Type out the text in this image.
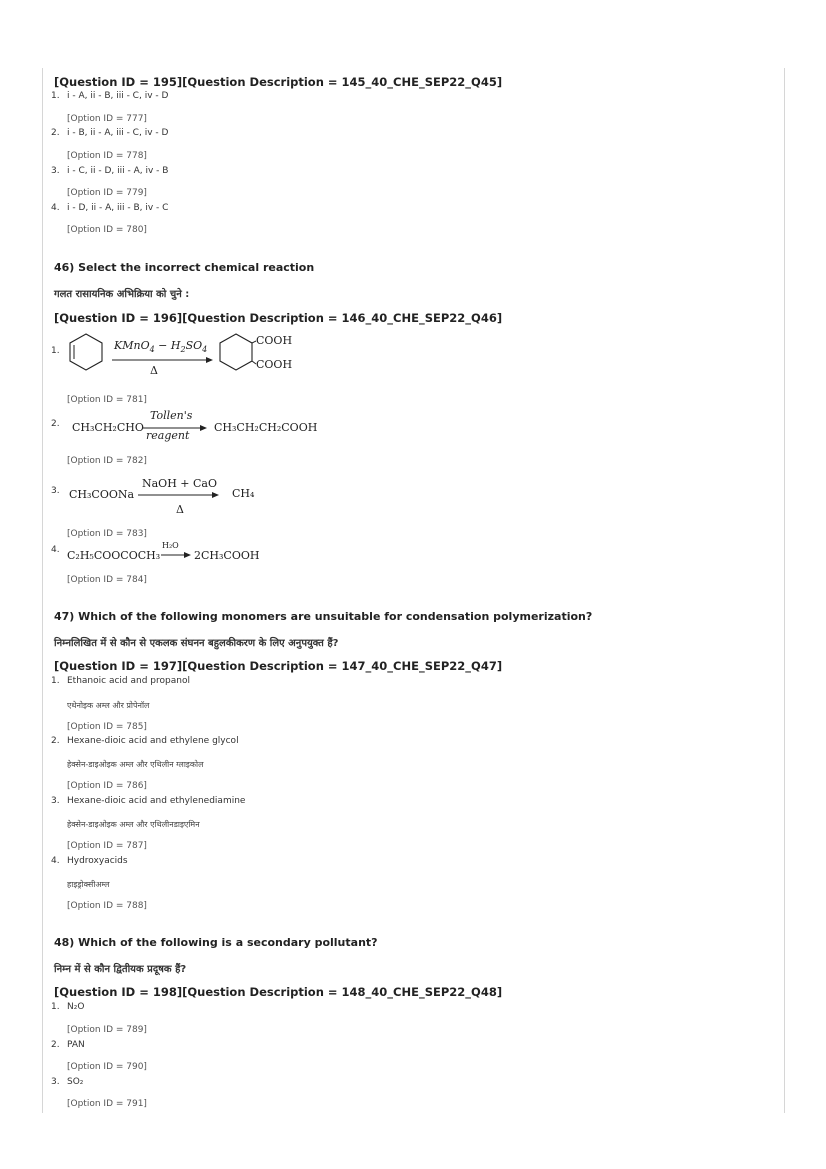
[Question ID = 195][Question Description = 145_40_CHE_SEP22_Q45]
1. i - A, ii - B, iii - C, iv - D
[Option ID = 777]
2. i - B, ii - A, iii - C, iv - D
[Option ID = 778]
3. i - C, ii - D, iii - A, iv - B
[Option ID = 779]
4. i - D, ii - A, iii - B, iv - C
[Option ID = 780]
46) Select the incorrect chemical reaction
गलत रासायनिक अभिक्रिया को चुने :
[Question ID = 196][Question Description = 146_40_CHE_SEP22_Q46]
1.	KMnO$_4$ − $H_2SO_4$
Δ
COOH
COOH
[Option ID = 781]
2. CH₃CH₂CHO
Tollen's
reagent
CH₃CH₂CH₂COOH
[Option ID = 782]
3. CH₃COONa
NaOH + CaO
Δ
CH₄
[Option ID = 783]
4. C₂H₅COOCOCH₃
H₂O
→ 2CH₃COOH
[Option ID = 784]
47) Which of the following monomers are unsuitable for condensation polymerization?
निम्नलिखित में से कौन से एकलक संघनन बहुलकीकरण के लिए अनुपयुक्त हैं?
[Question ID = 197][Question Description = 147_40_CHE_SEP22_Q47]
1. Ethanoic acid and propanol
एथेनोइक अम्ल और प्रोपेनॉल
[Option ID = 785]
2. Hexane-dioic acid and ethylene glycol
हेक्सेन-डाइओइक अम्ल और एथिलीन ग्लाइकोल
[Option ID = 786]
3. Hexane-dioic acid and ethylenediamine
हेक्सेन-डाइओइक अम्ल और एथिलीनडाइएमिन
[Option ID = 787]
4. Hydroxyacids
हाइड्रोक्सीअम्ल
[Option ID = 788]
48) Which of the following is a secondary pollutant?
निम्न में से कौन द्वितीयक प्रदूषक हैं?
[Question ID = 198][Question Description = 148_40_CHE_SEP22_Q48]
1. N₂O
[Option ID = 789]
2. PAN
[Option ID = 790]
3. SO₂
[Option ID = 791]
